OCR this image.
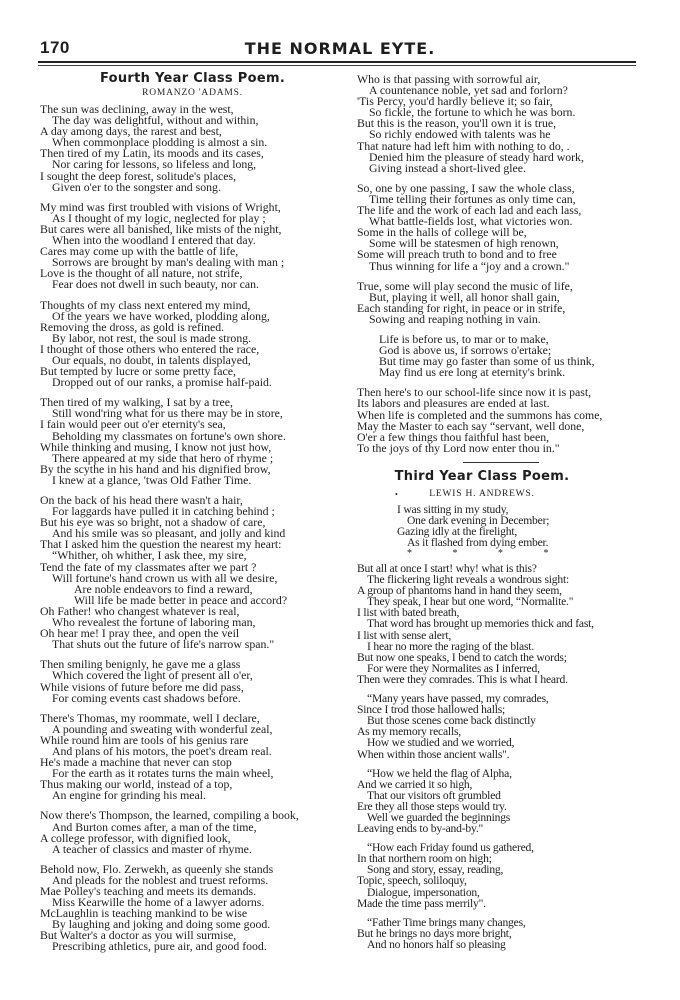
170	THE NORMAL EYTE.
Fourth Year Class Poem.
ROMANZO 'ADAMS.
The sun was declining, away in the west,
The day was delightful, without and within,
A day among days, the rarest and best,
When commonplace plodding is almost a sin.
Then tired of my Latin, its moods and its cases,
Nor caring for lessons, so lifeless and long,
I sought the deep forest, solitude's places,
Given o'er to the songster and song.
My mind was first troubled with visions of Wright,
As I thought of my logic, neglected for play ;
But cares were all banished, like mists of the night,
When into the woodland I entered that day.
Cares may come up with the battle of life,
Sorrows are brought by man's dealing with man ;
Love is the thought of all nature, not strife,
Fear does not dwell in such beauty, nor can.
Thoughts of my class next entered my mind,
Of the years we have worked, plodding along,
Removing the dross, as gold is refined.
By labor, not rest, the soul is made strong.
I thought of those others who entered the race,
Our equals, no doubt, in talents displayed,
But tempted by lucre or some pretty face,
Dropped out of our ranks, a promise half-paid.
Then tired of my walking, I sat by a tree,
Still wond'ring what for us there may be in store,
I fain would peer out o'er eternity's sea,
Beholding my classmates on fortune's own shore.
While thinking and musing, I know not just how,
There appeared at my side that hero of rhyme ;
By the scythe in his hand and his dignified brow,
I knew at a glance, 'twas Old Father Time.
On the back of his head there wasn't a hair,
For laggards have pulled it in catching behind ;
But his eye was so bright, not a shadow of care,
And his smile was so pleasant, and jolly and kind
That I asked him the question the nearest my heart:
“Whither, oh whither, I ask thee, my sire,
Tend the fate of my classmates after we part ?
Will fortune's hand crown us with all we desire,
Are noble endeavors to find a reward,
Will life be made better in peace and accord?
Oh Father! who changest whatever is real,
Who revealest the fortune of laboring man,
Oh hear me! I pray thee, and open the veil
That shuts out the future of life's narrow span."
Then smiling benignly, he gave me a glass
Which covered the light of present all o'er,
While visions of future before me did pass,
For coming events cast shadows before.
There's Thomas, my roommate, well I declare,
A pounding and sweating with wonderful zeal,
While round him are tools of his genius rare
And plans of his motors, the poet's dream real.
He's made a machine that never can stop
For the earth as it rotates turns the main wheel,
Thus making our world, instead of a top,
An engine for grinding his meal.
Now there's Thompson, the learned, compiling a book,
And Burton comes after, a man of the time,
A college professor, with dignified look,
A teacher of classics and master of rhyme.
Behold now, Flo. Zerwekh, as queenly she stands
And pleads for the noblest and truest reforms.
Mae Polley's teaching and meets its demands.
Miss Kearwille the home of a lawyer adorns.
McLaughlin is teaching mankind to be wise
By laughing and joking and doing some good.
But Walter's a doctor as you will surmise,
Prescribing athletics, pure air, and good food.
Who is that passing with sorrowful air,
A countenance noble, yet sad and forlorn?
'Tis Percy, you'd hardly believe it; so fair,
So fickle, the fortune to which he was born.
But this is the reason, you'll own it is true,
So richly endowed with talents was he
That nature had left him with nothing to do, .
Denied him the pleasure of steady hard work,
Giving instead a short-lived glee.
So, one by one passing, I saw the whole class,
Time telling their fortunes as only time can,
The life and the work of each lad and each lass,
What battle-fields lost, what victories won.
Some in the halls of college will be,
Some will be statesmen of high renown,
Some will preach truth to bond and to free
Thus winning for life a “joy and a crown."
True, some will play second the music of life,
But, playing it well, all honor shall gain,
Each standing for right, in peace or in strife,
Sowing and reaping nothing in vain.
Life is before us, to mar or to make,
God is above us, if sorrows o'ertake;
But time may go faster than some of us think,
May find us ere long at eternity's brink.
Then here's to our school-life since now it is past,
Its labors and pleasures are ended at last.
When life is completed and the summons has come,
May the Master to each say “servant, well done,
O'er a few things thou faithful hast been,
To the joys of thy Lord now enter thou in."
Third Year Class Poem.
LEWIS H. ANDREWS.
•
I was sitting in my study,
One dark evening in December;
Gazing idly at the firelight,
As it flashed from dying ember.
* * * *
But all at once I start! why! what is this?
The flickering light reveals a wondrous sight:
A group of phantoms hand in hand they seem,
They speak, I hear but one word, “Normalite."
I list with bated breath,
That word has brought up memories thick and fast,
I list with sense alert,
I hear no more the raging of the blast.
But now one speaks, I bend to catch the words;
For were they Normalites as I inferred,
Then were they comrades. This is what I heard.
“Many years have passed, my comrades,
Since I trod those hallowed halls;
But those scenes come back distinctly
As my memory recalls,
How we studied and we worried,
When within those ancient walls".
“How we held the flag of Alpha,
And we carried it so high,
That our visitors oft grumbled
Ere they all those steps would try.
Well we guarded the beginnings
Leaving ends to by-and-by."
“How each Friday found us gathered,
In that northern room on high;
Song and story, essay, reading,
Topic, speech, soliloquy,
Dialogue, impersonation,
Made the time pass merrily".
“Father Time brings many changes,
But he brings no days more bright,
And no honors half so pleasing
